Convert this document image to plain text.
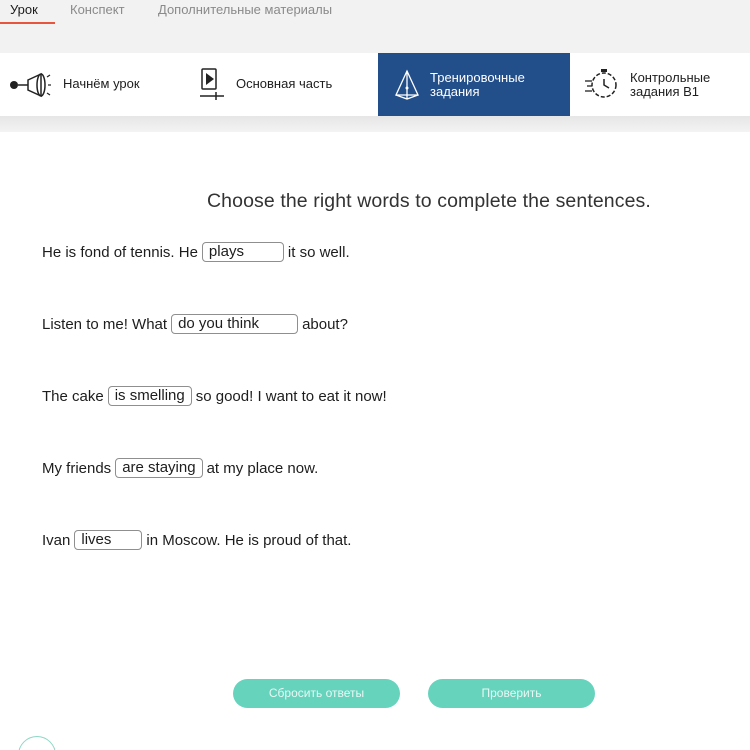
Урок Конспект	Дополнительные материалы
Начнём урок	Основная часть	Тренировочные
задания
Контрольные
задания B1
Choose the right words to complete the sentences.
He is fond of tennis. He plays	it so well.
Listen to me! What do you think	about?
The cake is smelling so good! I want to eat it now!
My friends are staying at my place now.
Ivan lives	in Moscow. He is proud of that.
Сбросить ответы	Проверить
